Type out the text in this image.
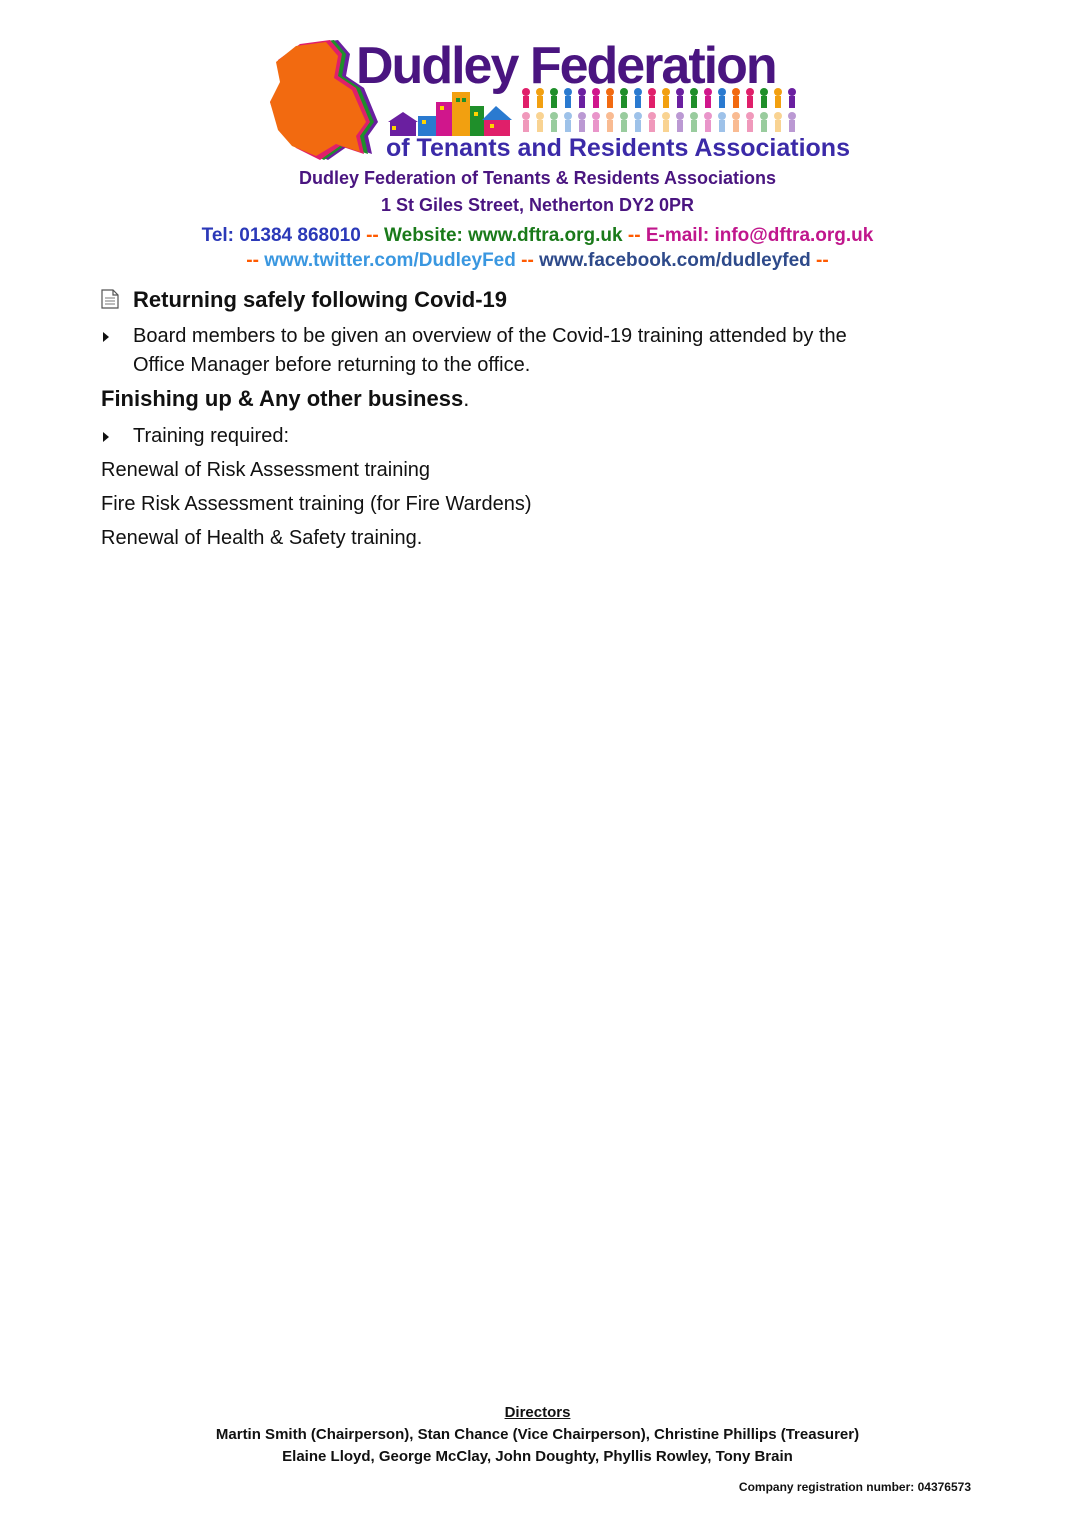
Dudley Federation
of Tenants and Residents Associations
Dudley Federation of Tenants & Residents Associations
1 St Giles Street, Netherton DY2 0PR
Tel: 01384 868010 -- Website: www.dftra.org.uk -- E-mail: info@dftra.org.uk
-- www.twitter.com/DudleyFed -- www.facebook.com/dudleyfed --
Returning safely following Covid-19
Board members to be given an overview of the Covid-19 training attended by the
Office Manager before returning to the office.
Finishing up & Any other business.
Training required:
Renewal of Risk Assessment training
Fire Risk Assessment training (for Fire Wardens)
Renewal of Health & Safety training.
Directors
Martin Smith (Chairperson), Stan Chance (Vice Chairperson), Christine Phillips (Treasurer)
Elaine Lloyd, George McClay, John Doughty, Phyllis Rowley, Tony Brain
Company registration number: 04376573
